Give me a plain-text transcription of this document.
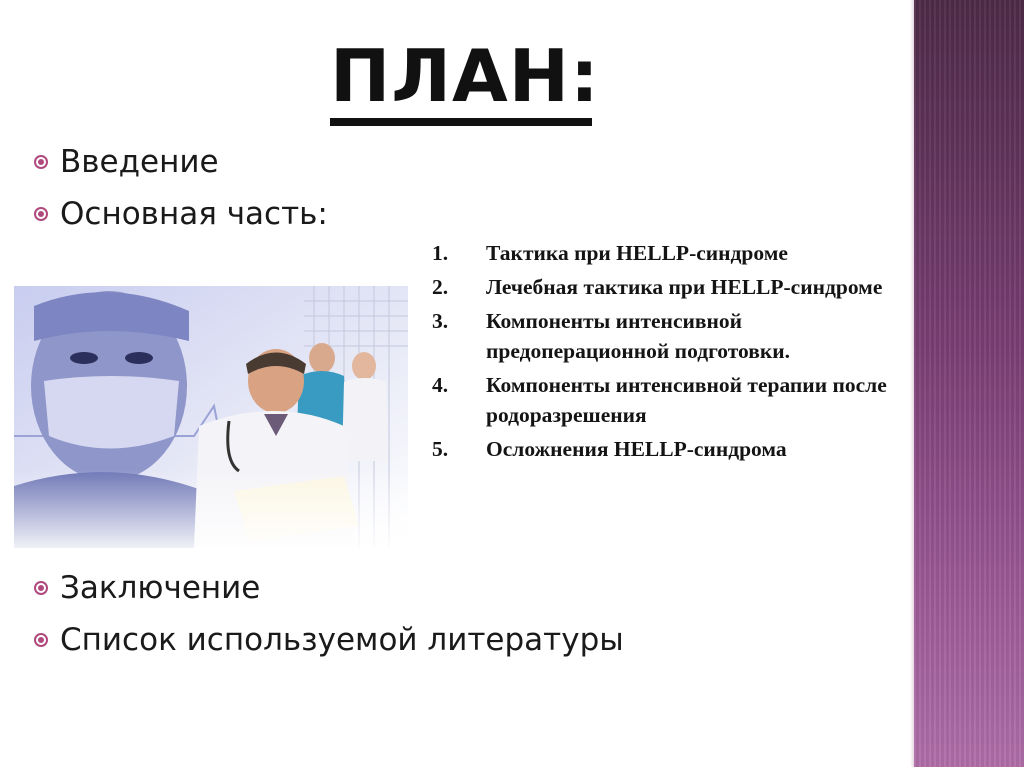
ПЛАН:
Введение
Основная часть:
1.	Тактика при HELLP-синдроме
2.	Лечебная тактика при HELLP-синдроме
3.	Компоненты интенсивной предоперационной подготовки.
4.	Компоненты интенсивной терапии после родоразрешения
5.	Осложнения HELLP-синдрома
Заключение
Список используемой литературы
